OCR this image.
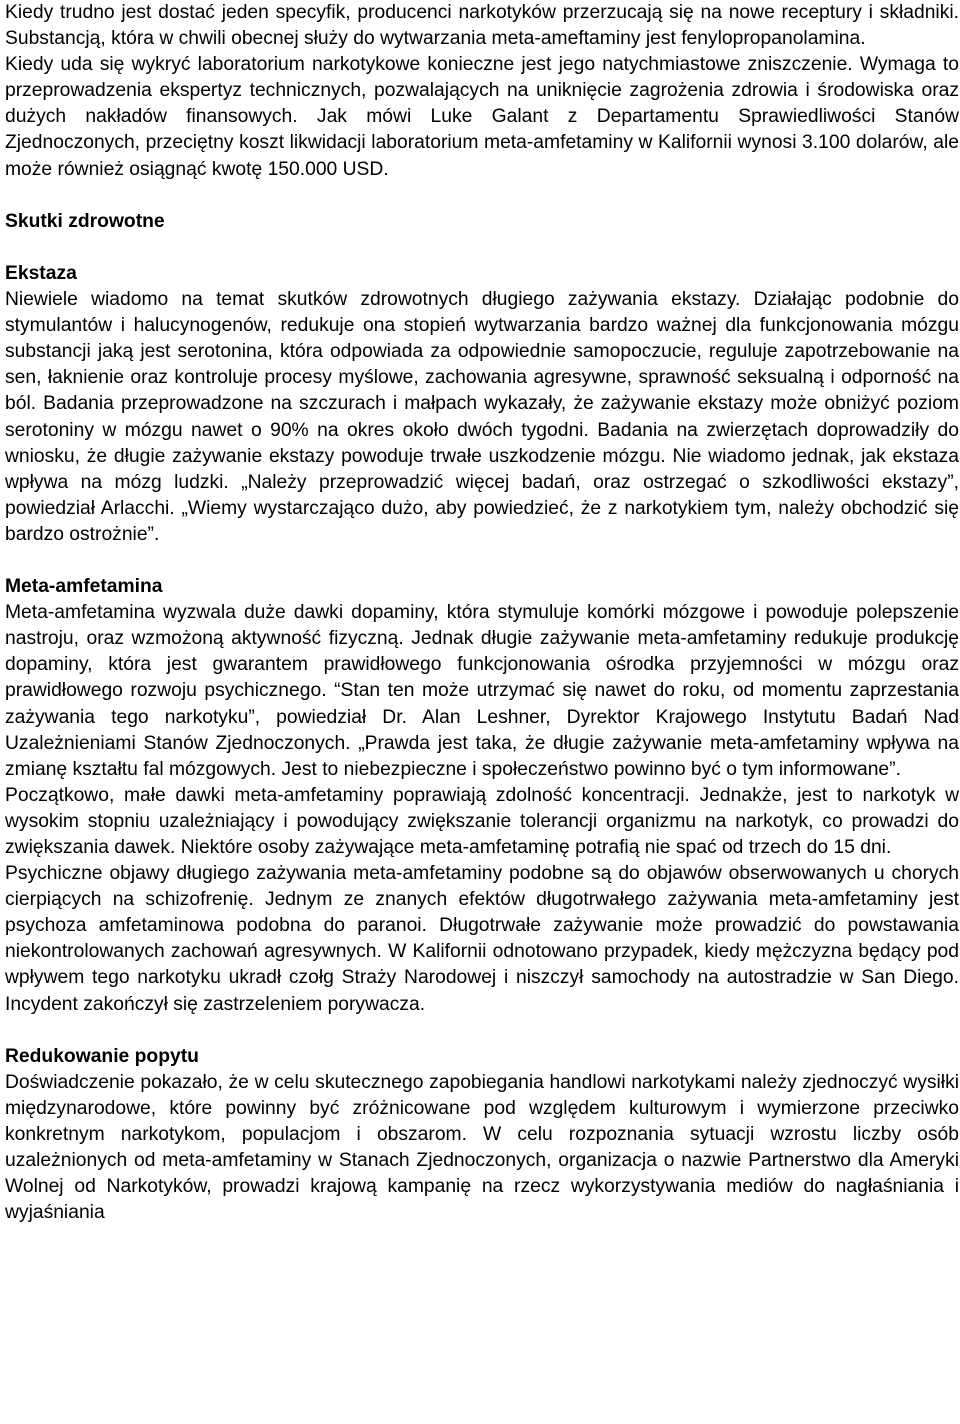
Kiedy trudno jest dostać jeden specyfik, producenci narkotyków przerzucają się na nowe receptury i składniki. Substancją, która w chwili obecnej służy do wytwarzania meta-ameftaminy jest fenylopropanolamina.

Kiedy uda się wykryć laboratorium narkotykowe konieczne jest jego natychmiastowe zniszczenie. Wymaga to przeprowadzenia ekspertyz technicznych, pozwalających na uniknięcie zagrożenia zdrowia i środowiska oraz dużych nakładów finansowych. Jak mówi Luke Galant z Departamentu Sprawiedliwości Stanów Zjednoczonych, przeciętny koszt likwidacji laboratorium meta-amfetaminy w Kalifornii wynosi 3.100 dolarów, ale może również osiągnąć kwotę 150.000 USD.

Skutki zdrowotne
Ekstaza

Niewiele wiadomo na temat skutków zdrowotnych długiego zażywania ekstazy. Działając podobnie do stymulantów i halucynogenów, redukuje ona stopień wytwarzania bardzo ważnej dla funkcjonowania mózgu substancji jaką jest serotonina, która odpowiada za odpowiednie samopoczucie, reguluje zapotrzebowanie na sen, łaknienie oraz kontroluje procesy myślowe, zachowania agresywne, sprawność seksualną i odporność na ból. Badania przeprowadzone na szczurach i małpach wykazały, że zażywanie ekstazy może obniżyć poziom serotoniny w mózgu nawet o 90% na okres około dwóch tygodni. Badania na zwierzętach doprowadziły do wniosku, że długie zażywanie ekstazy powoduje trwałe uszkodzenie mózgu. Nie wiadomo jednak, jak ekstaza wpływa na mózg ludzki. „Należy przeprowadzić więcej badań, oraz ostrzegać o szkodliwości ekstazy”, powiedział Arlacchi. „Wiemy wystarczająco dużo, aby powiedzieć, że z narkotykiem tym, należy obchodzić się bardzo ostrożnie”.

Meta-amfetamina

Meta-amfetamina wyzwala duże dawki dopaminy, która stymuluje komórki mózgowe i powoduje polepszenie nastroju, oraz wzmożoną aktywność fizyczną. Jednak długie zażywanie meta-amfetaminy redukuje produkcję dopaminy, która jest gwarantem prawidłowego funkcjonowania ośrodka przyjemności w mózgu oraz prawidłowego rozwoju psychicznego. “Stan ten może utrzymać się nawet do roku, od momentu zaprzestania zażywania tego narkotyku”, powiedział Dr. Alan Leshner, Dyrektor Krajowego Instytutu Badań Nad Uzależnieniami Stanów Zjednoczonych. „Prawda jest taka, że długie zażywanie meta-amfetaminy wpływa na zmianę kształtu fal mózgowych. Jest to niebezpieczne i społeczeństwo powinno być o tym informowane”.

Początkowo, małe dawki meta-amfetaminy poprawiają zdolność koncentracji. Jednakże, jest to narkotyk w wysokim stopniu uzależniający i powodujący zwiększanie tolerancji organizmu na narkotyk, co prowadzi do zwiększania dawek. Niektóre osoby zażywające meta-amfetaminę potrafią nie spać od trzech do 15 dni.

Psychiczne objawy długiego zażywania meta-amfetaminy podobne są do objawów obserwowanych u chorych cierpiących na schizofrenię. Jednym ze znanych efektów długotrwałego zażywania meta-amfetaminy jest psychoza amfetaminowa podobna do paranoi. Długotrwałe zażywanie może prowadzić do powstawania niekontrolowanych zachowań agresywnych. W Kalifornii odnotowano przypadek, kiedy mężczyzna będący pod wpływem tego narkotyku ukradł czołg Straży Narodowej i niszczył samochody na autostradzie w San Diego. Incydent zakończył się zastrzeleniem porywacza.

Redukowanie popytu

Doświadczenie pokazało, że w celu skutecznego zapobiegania handlowi narkotykami należy zjednoczyć wysiłki międzynarodowe, które powinny być zróżnicowane pod względem kulturowym i wymierzone przeciwko konkretnym narkotykom, populacjom i obszarom. W celu rozpoznania sytuacji wzrostu liczby osób uzależnionych od meta-amfetaminy w Stanach Zjednoczonych, organizacja o nazwie Partnerstwo dla Ameryki Wolnej od Narkotyków, prowadzi krajową kampanię na rzecz wykorzystywania mediów do nagłaśniania i wyjaśniania
